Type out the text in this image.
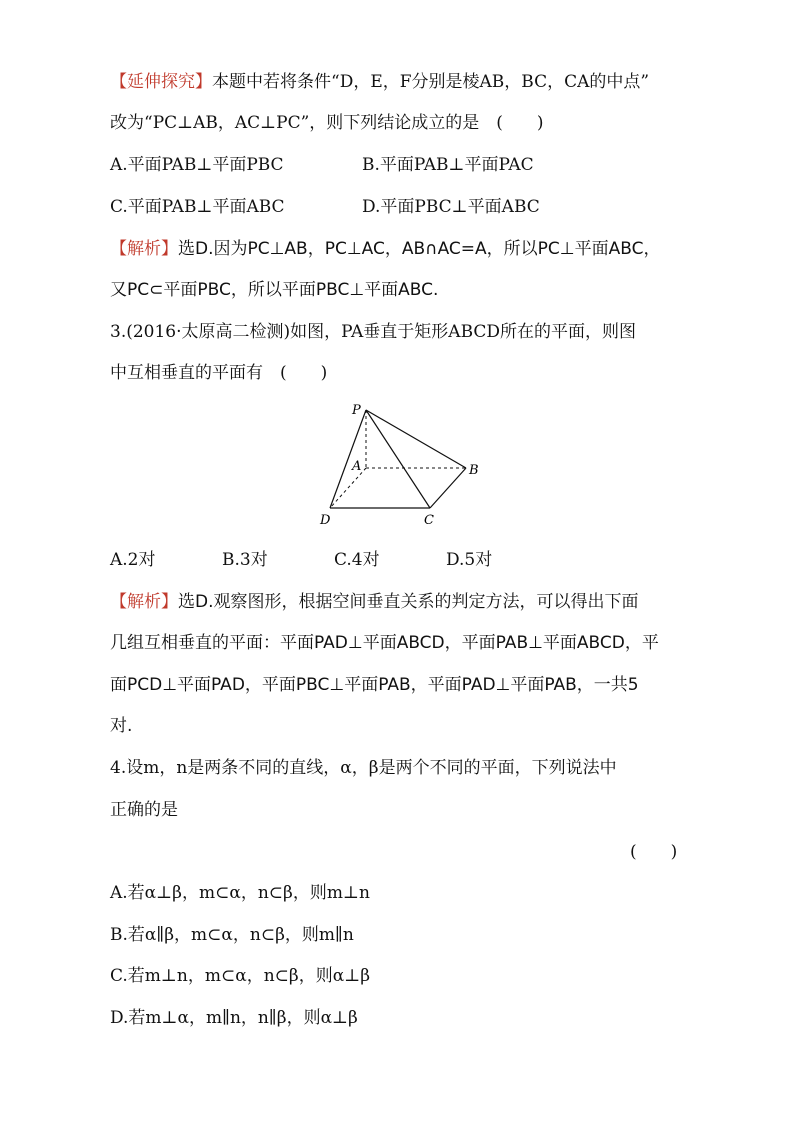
【延伸探究】本题中若将条件“D，E，F分别是棱AB，BC，CA的中点”
改为“PC⊥AB，AC⊥PC”，则下列结论成立的是　(　　)
A.平面PAB⊥平面PBC	B.平面PAB⊥平面PAC
C.平面PAB⊥平面ABC	D.平面PBC⊥平面ABC
【解析】选D.因为PC⊥AB，PC⊥AC，AB∩AC=A，所以PC⊥平面ABC，
又PC⊂平面PBC，所以平面PBC⊥平面ABC.
3.(2016·太原高二检测)如图，PA垂直于矩形ABCD所在的平面，则图
中互相垂直的平面有　(　　)
P
A	B
C
D
A.2对	B.3对	C.4对	D.5对
【解析】选D.观察图形，根据空间垂直关系的判定方法，可以得出下面
几组互相垂直的平面：平面PAD⊥平面ABCD，平面PAB⊥平面ABCD，平
面PCD⊥平面PAD，平面PBC⊥平面PAB，平面PAD⊥平面PAB，一共5
对.
4.设m，n是两条不同的直线，α，β是两个不同的平面，下列说法中
正确的是
(　　)
A.若α⊥β，m⊂α，n⊂β，则m⊥n
B.若α∥β，m⊂α，n⊂β，则m∥n
C.若m⊥n，m⊂α，n⊂β，则α⊥β
D.若m⊥α，m∥n，n∥β，则α⊥β
